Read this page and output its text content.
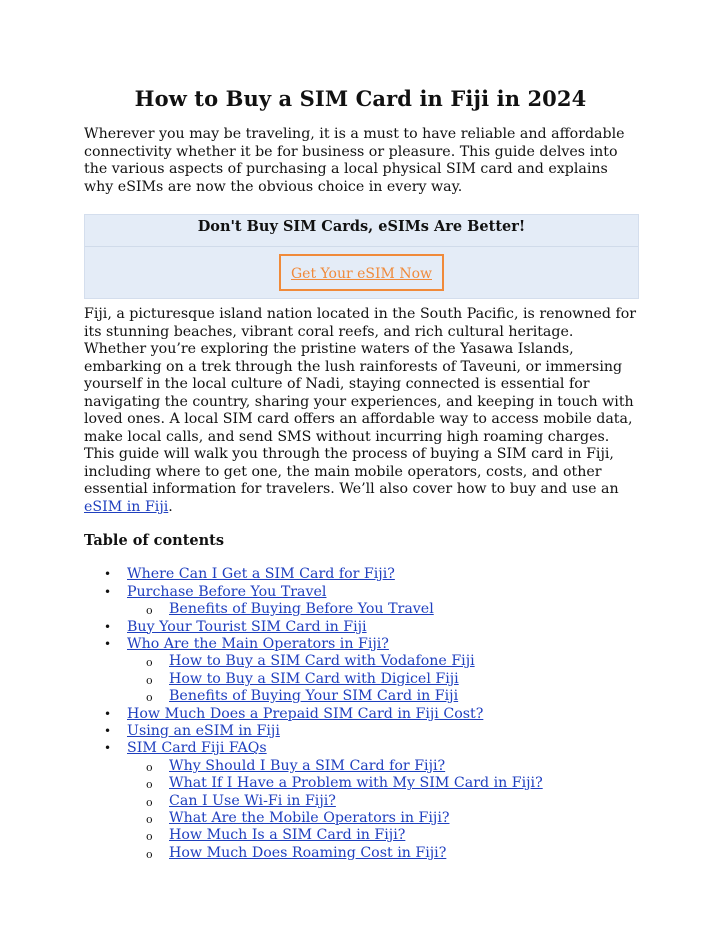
How to Buy a SIM Card in Fiji in 2024

Wherever you may be traveling, it is a must to have reliable and affordable connectivity whether it be for business or pleasure. This guide delves into the various aspects of purchasing a local physical SIM card and explains why eSIMs are now the obvious choice in every way.

Don't Buy SIM Cards, eSIMs Are Better!
Get Your eSIM Now

Fiji, a picturesque island nation located in the South Pacific, is renowned for its stunning beaches, vibrant coral reefs, and rich cultural heritage. Whether you’re exploring the pristine waters of the Yasawa Islands, embarking on a trek through the lush rainforests of Taveuni, or immersing yourself in the local culture of Nadi, staying connected is essential for navigating the country, sharing your experiences, and keeping in touch with loved ones. A local SIM card offers an affordable way to access mobile data, make local calls, and send SMS without incurring high roaming charges. This guide will walk you through the process of buying a SIM card in Fiji, including where to get one, the main mobile operators, costs, and other essential information for travelers. We’ll also cover how to buy and use an eSIM in Fiji.

Table of contents

• Where Can I Get a SIM Card for Fiji?
• Purchase Before You Travel
o Benefits of Buying Before You Travel
• Buy Your Tourist SIM Card in Fiji
• Who Are the Main Operators in Fiji?
o How to Buy a SIM Card with Vodafone Fiji
o How to Buy a SIM Card with Digicel Fiji
o Benefits of Buying Your SIM Card in Fiji
• How Much Does a Prepaid SIM Card in Fiji Cost?
• Using an eSIM in Fiji
• SIM Card Fiji FAQs
o Why Should I Buy a SIM Card for Fiji?
o What If I Have a Problem with My SIM Card in Fiji?
o Can I Use Wi-Fi in Fiji?
o What Are the Mobile Operators in Fiji?
o How Much Is a SIM Card in Fiji?
o How Much Does Roaming Cost in Fiji?
